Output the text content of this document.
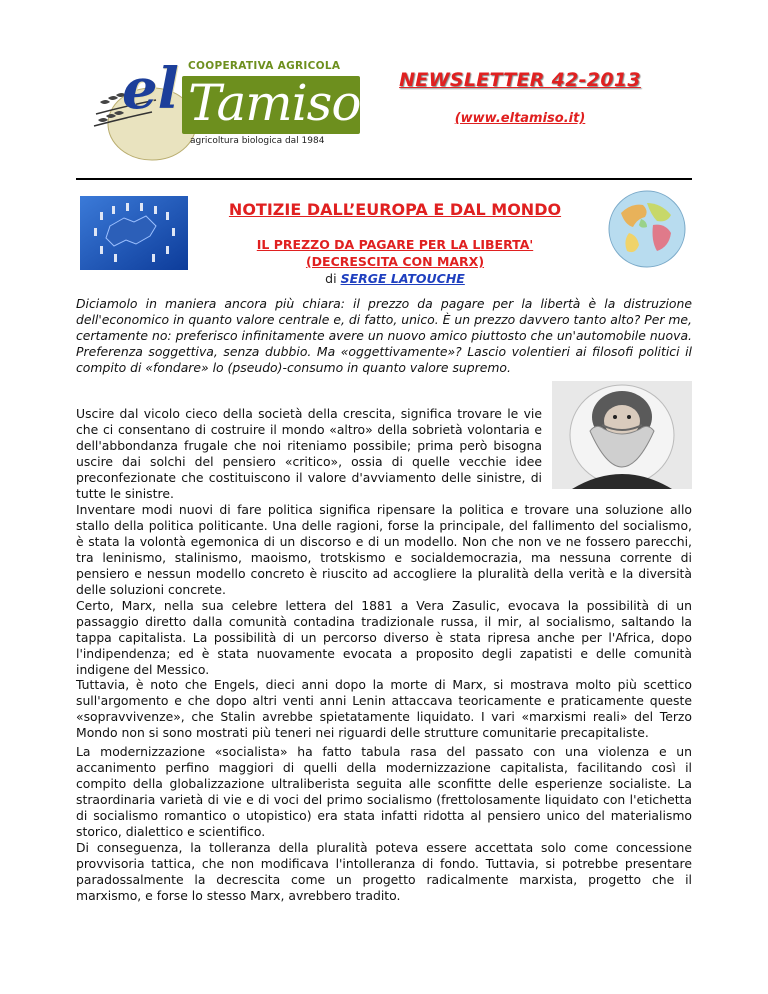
COOPERATIVA AGRICOLA
el Tamiso
agricoltura biologica dal 1984
NEWSLETTER 42-2013
(www.eltamiso.it)
NOTIZIE DALL’EUROPA E DAL MONDO
IL PREZZO DA PAGARE PER LA LIBERTA'
(DECRESCITA CON MARX)
di SERGE LATOUCHE

Diciamolo in maniera ancora più chiara: il prezzo da pagare per la libertà è la distruzione dell'economico in quanto valore centrale e, di fatto, unico. È un prezzo davvero tanto alto? Per me, certamente no: preferisco infinitamente avere un nuovo amico piuttosto che un'automobile nuova. Preferenza soggettiva, senza dubbio. Ma «oggettivamente»? Lascio volentieri ai filosofi politici il compito di «fondare» lo (pseudo)-consumo in quanto valore supremo.

Uscire dal vicolo cieco della società della crescita, significa trovare le vie che ci consentano di costruire il mondo «altro» della sobrietà volontaria e dell'abbondanza frugale che noi riteniamo possibile; prima però bisogna uscire dai solchi del pensiero «critico», ossia di quelle vecchie idee preconfezionate che costituiscono il valore d'avviamento delle sinistre, di tutte le sinistre.

Inventare modi nuovi di fare politica significa ripensare la politica e trovare una soluzione allo stallo della politica politicante. Una delle ragioni, forse la principale, del fallimento del socialismo, è stata la volontà egemonica di un discorso e di un modello. Non che non ve ne fossero parecchi, tra leninismo, stalinismo, maoismo, trotskismo e socialdemocrazia, ma nessuna corrente di pensiero e nessun modello concreto è riuscito ad accogliere la pluralità della verità e la diversità delle soluzioni concrete.

Certo, Marx, nella sua celebre lettera del 1881 a Vera Zasulic, evocava la possibilità di un passaggio diretto dalla comunità contadina tradizionale russa, il mir, al socialismo, saltando la tappa capitalista. La possibilità di un percorso diverso è stata ripresa anche per l'Africa, dopo l'indipendenza; ed è stata nuovamente evocata a proposito degli zapatisti e delle comunità indigene del Messico.

Tuttavia, è noto che Engels, dieci anni dopo la morte di Marx, si mostrava molto più scettico sull'argomento e che dopo altri venti anni Lenin attaccava teoricamente e praticamente queste «sopravvivenze», che Stalin avrebbe spietatamente liquidato. I vari «marxismi reali» del Terzo Mondo non si sono mostrati più teneri nei riguardi delle strutture comunitarie precapitaliste.

La modernizzazione «socialista» ha fatto tabula rasa del passato con una violenza e un accanimento perfino maggiori di quelli della modernizzazione capitalista, facilitando così il compito della globalizzazione ultraliberista seguita alle sconfitte delle esperienze socialiste. La straordinaria varietà di vie e di voci del primo socialismo (frettolosamente liquidato con l'etichetta di socialismo romantico o utopistico) era stata infatti ridotta al pensiero unico del materialismo storico, dialettico e scientifico.

Di conseguenza, la tolleranza della pluralità poteva essere accettata solo come concessione provvisoria tattica, che non modificava l'intolleranza di fondo. Tuttavia, si potrebbe presentare paradossalmente la decrescita come un progetto radicalmente marxista, progetto che il marxismo, e forse lo stesso Marx, avrebbero tradito.
